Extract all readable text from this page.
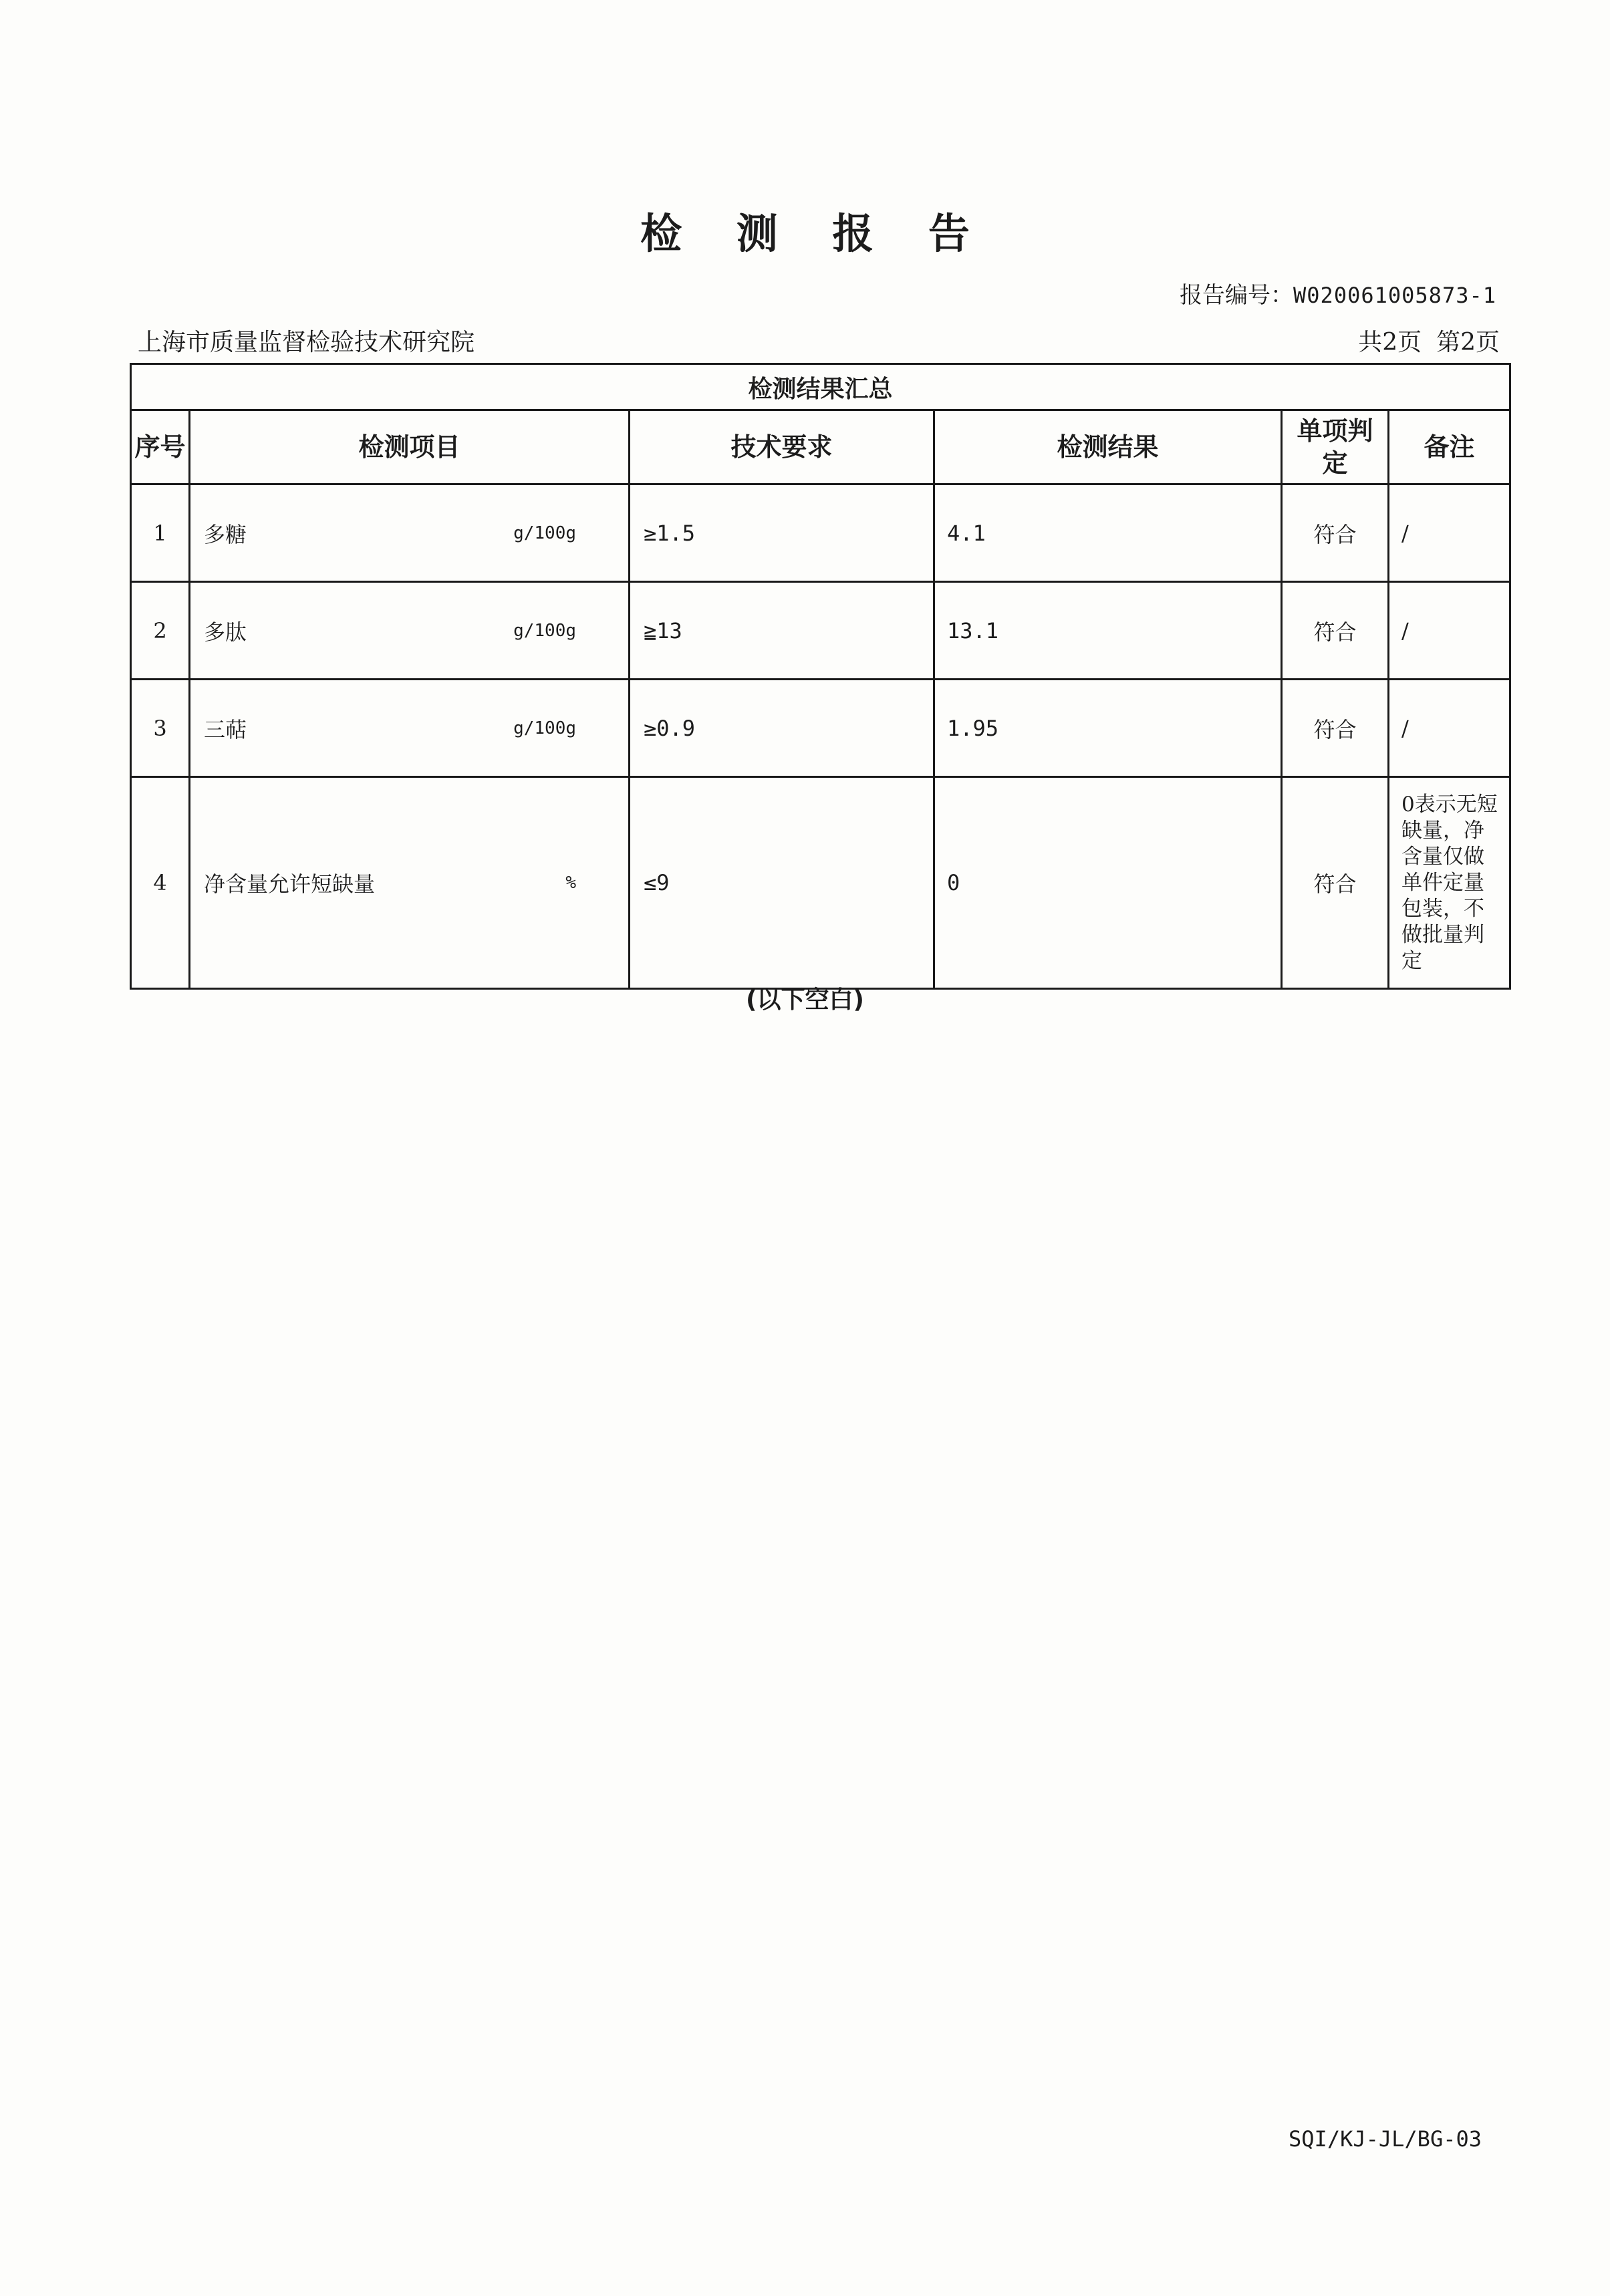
检 测 报 告
报告编号：W020061005873-1
上海市质量监督检验技术研究院	共2页 第2页
检测结果汇总					
序号	检测项目	技术要求	检测结果	单项判定	备注
1	多糖 g/100g	≥1.5	4.1	符合	/
2	多肽 g/100g	≧13	13.1	符合	/
3	三萜 g/100g	≥0.9	1.95	符合	/
4	净含量允许短缺量 %	≤9	0	符合	0表示无短缺量，净含量仅做单件定量包装，不做批量判定
(以下空白)
SQI/KJ-JL/BG-03
